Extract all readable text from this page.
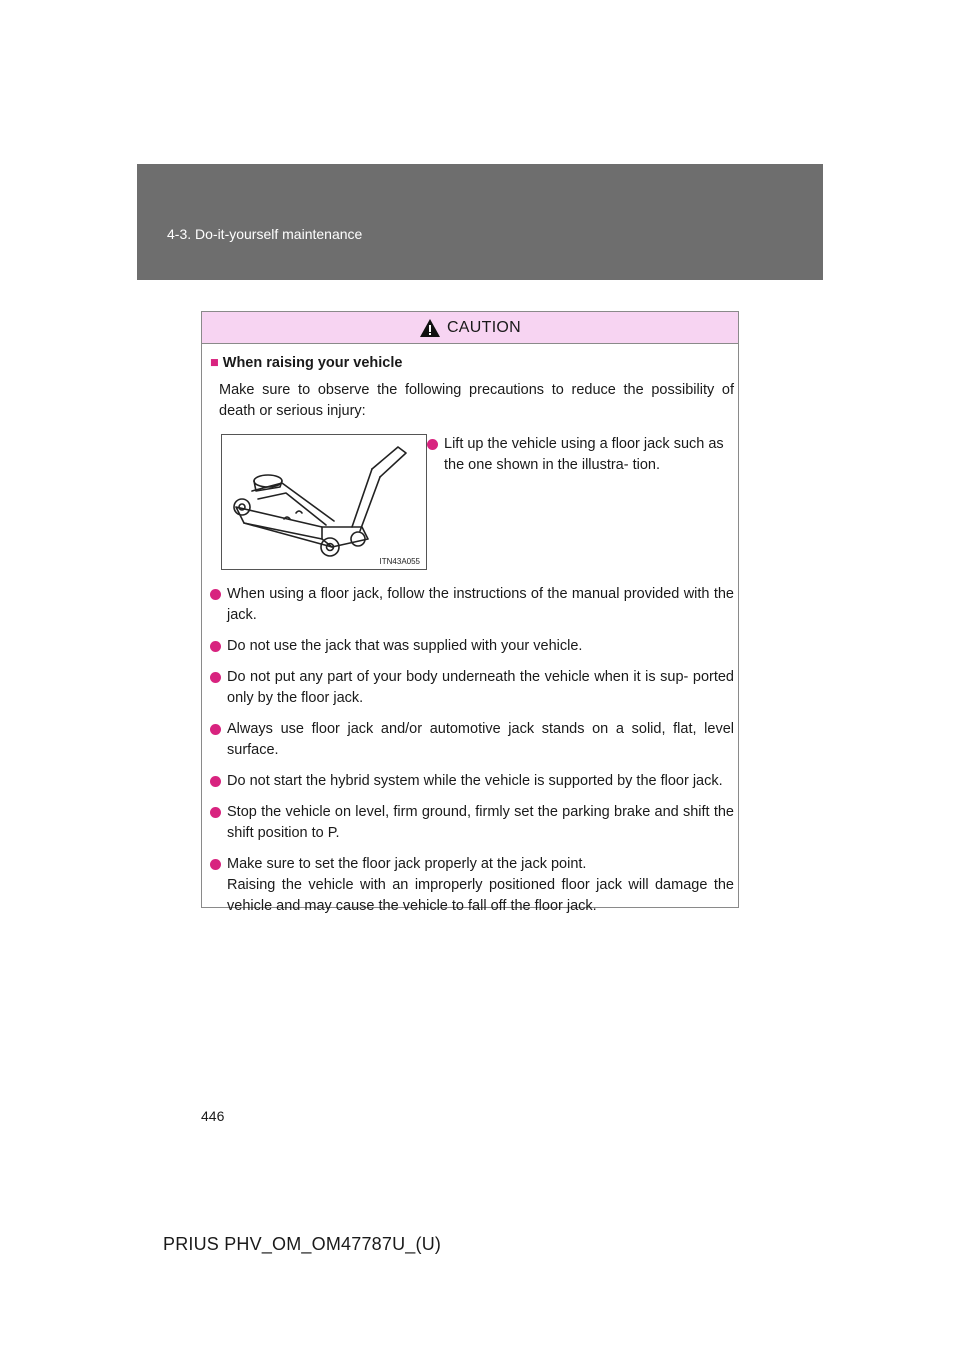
4-3. Do-it-yourself maintenance
CAUTION
■ When raising your vehicle
Make sure to observe the following precautions to reduce the possibility of death or serious injury:
ITN43A055
Lift up the vehicle using a floor jack such as the one shown in the illustra- tion.
When using a floor jack, follow the instructions of the manual provided with the jack.
Do not use the jack that was supplied with your vehicle.
Do not put any part of your body underneath the vehicle when it is sup- ported only by the floor jack.
Always use floor jack and/or automotive jack stands on a solid, flat, level surface.
Do not start the hybrid system while the vehicle is supported by the floor jack.
Stop the vehicle on level, firm ground, firmly set the parking brake and shift the shift position to P.
Make sure to set the floor jack properly at the jack point.
Raising the vehicle with an improperly positioned floor jack will damage the vehicle and may cause the vehicle to fall off the floor jack.
446
PRIUS PHV_OM_OM47787U_(U)
